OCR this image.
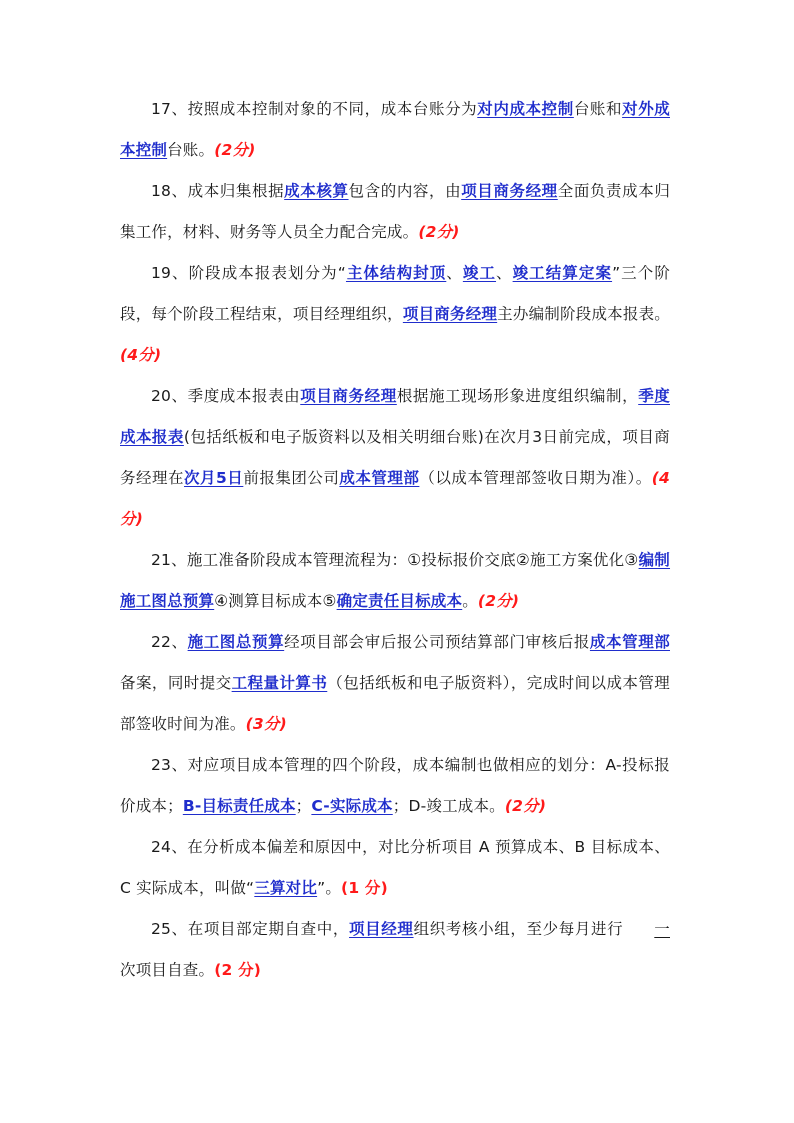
17、按照成本控制对象的不同，成本台账分为对内成本控制台账和对外成本控制台账。(2分)

18、成本归集根据成本核算包含的内容，由项目商务经理全面负责成本归集工作，材料、财务等人员全力配合完成。(2分)

19、阶段成本报表划分为“主体结构封顶、竣工、竣工结算定案”三个阶段，每个阶段工程结束，项目经理组织，项目商务经理主办编制阶段成本报表。(4分)

20、季度成本报表由项目商务经理根据施工现场形象进度组织编制，季度成本报表(包括纸板和电子版资料以及相关明细台账)在次月3日前完成，项目商务经理在次月5日前报集团公司成本管理部（以成本管理部签收日期为准）。(4分)

21、施工准备阶段成本管理流程为：①投标报价交底②施工方案优化③编制施工图总预算④测算目标成本⑤确定责任目标成本。(2分)

22、施工图总预算经项目部会审后报公司预结算部门审核后报成本管理部备案，同时提交工程量计算书（包括纸板和电子版资料），完成时间以成本管理部签收时间为准。(3分)

23、对应项目成本管理的四个阶段，成本编制也做相应的划分：A-投标报价成本；B-目标责任成本；C-实际成本；D-竣工成本。(2分)

24、在分析成本偏差和原因中，对比分析项目 A 预算成本、B 目标成本、C 实际成本，叫做“三算对比”。(1 分)

25、在项目部定期自查中，项目经理组织考核小组，至少每月进行一次项目自查。(2 分)
